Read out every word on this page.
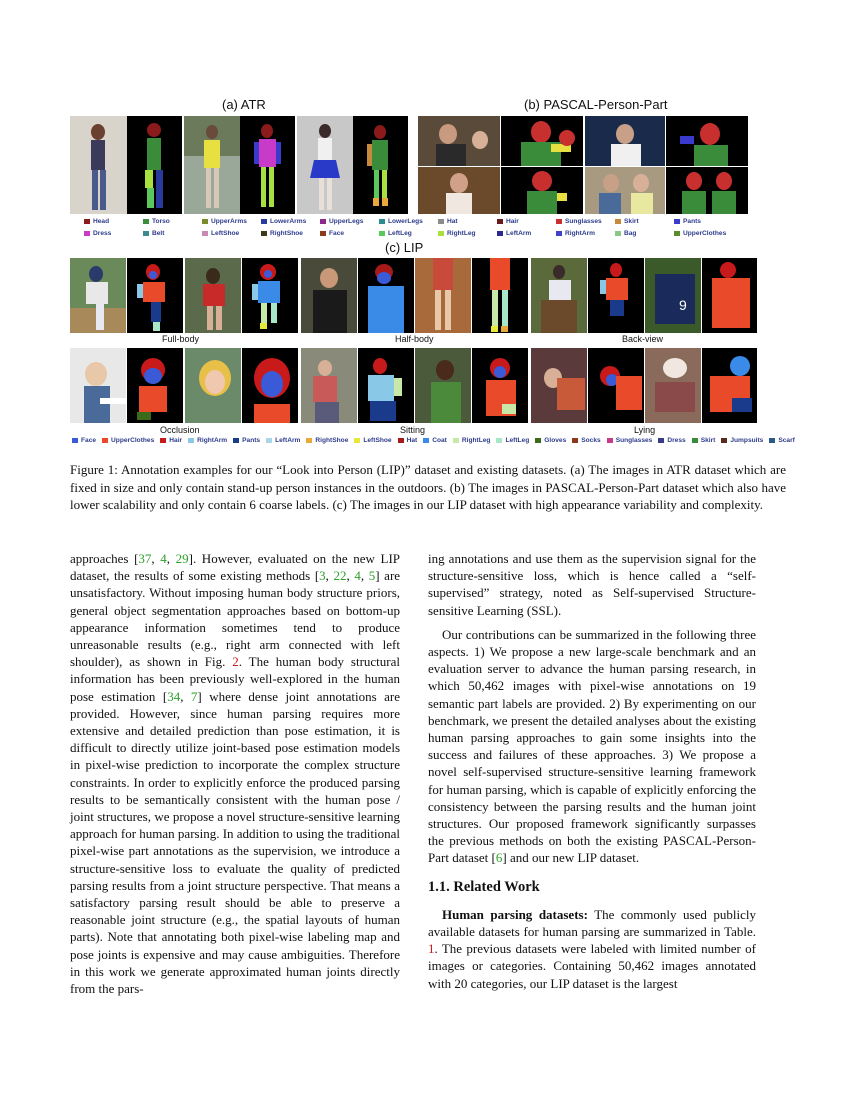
(a) ATR	(b) PASCAL-Person-Part
Head	Torso	UpperArms	LowerArms	UpperLegs	LowerLegs	Hat	Hair	Sunglasses	Skirt	Pants
Dress	Belt	LeftShoe	RightShoe	Face	LeftLeg	RightLeg	LeftArm	RightArm	Bag	UpperClothes
(c) LIP
9
Full-body	Half-body	Back-view
Occlusion	Sitting	Lying
Face UpperClothes Hair RightArm Pants LeftArm RightShoe LeftShoe Hat Coat RightLeg LeftLeg Gloves Socks Sunglasses Dress Skirt Jumpsuits Scarf
Figure 1: Annotation examples for our “Look into Person (LIP)” dataset and existing datasets. (a) The images in ATR dataset which are fixed in size and only contain stand-up person instances in the outdoors. (b) The images in PASCAL-Person-Part dataset which also have lower scalability and only contain 6 coarse labels. (c) The images in our LIP dataset with high appearance variability and complexity.

approaches [37, 4, 29]. However, evaluated on the new LIP dataset, the results of some existing methods [3, 22, 4, 5] are unsatisfactory. Without imposing human body structure priors, general object segmentation approaches based on bottom-up appearance information sometimes tend to produce unreasonable results (e.g., right arm connected with left shoulder), as shown in Fig. 2. The human body structural information has been previously well-explored in the human pose estimation [34, 7] where dense joint annotations are provided. However, since human parsing requires more extensive and detailed prediction than pose estimation, it is difficult to directly utilize joint-based pose estimation models in pixel-wise prediction to incorporate the complex structure constraints. In order to explicitly enforce the produced parsing results to be semantically consistent with the human pose / joint structures, we propose a novel structure-sensitive learning approach for human parsing. In addition to using the traditional pixel-wise part annotations as the supervision, we introduce a structure-sensitive loss to evaluate the quality of predicted parsing results from a joint structure perspective. That means a satisfactory parsing result should be able to preserve a reasonable joint structure (e.g., the spatial layouts of human parts). Note that annotating both pixel-wise labeling map and pose joints is expensive and may cause ambiguities. Therefore in this work we generate approximated human joints directly from the pars-

ing annotations and use them as the supervision signal for the structure-sensitive loss, which is hence called a “self-supervised” strategy, noted as Self-supervised Structure-sensitive Learning (SSL).

Our contributions can be summarized in the following three aspects. 1) We propose a new large-scale benchmark and an evaluation server to advance the human parsing research, in which 50,462 images with pixel-wise annotations on 19 semantic part labels are provided. 2) By experimenting on our benchmark, we present the detailed analyses about the existing human parsing approaches to gain some insights into the success and failures of these approaches. 3) We propose a novel self-supervised structure-sensitive learning framework for human parsing, which is capable of explicitly enforcing the consistency between the parsing results and the human joint structures. Our proposed framework significantly surpasses the previous methods on both the existing PASCAL-Person-Part dataset [6] and our new LIP dataset.

1.1. Related Work

Human parsing datasets: The commonly used publicly available datasets for human parsing are summarized in Table. 1. The previous datasets were labeled with limited number of images or categories. Containing 50,462 images annotated with 20 categories, our LIP dataset is the largest
